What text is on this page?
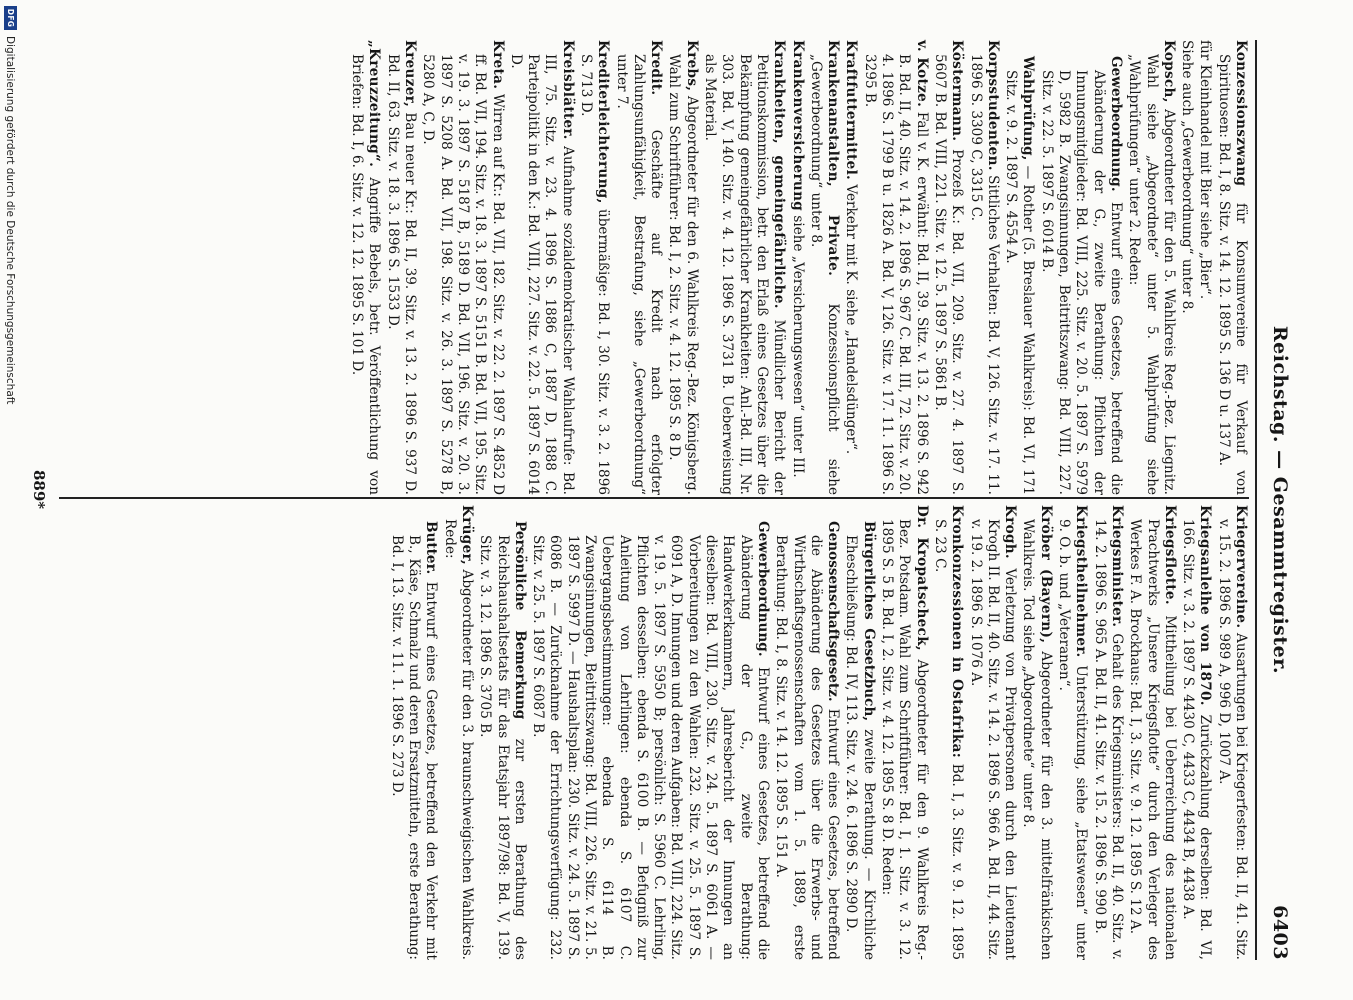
Reichstag. — Gesammtregister.
6403
Konzessionszwang für Konsumvereine für Verkauf von Spirituosen: Bd. I, 8. Sitz. v. 14. 12. 1895 S. 136 D u. 137 A.
für Kleinhandel mit Bier siehe „Bier“.
Siehe auch „Gewerbeordnung“ unter 8.
Kopsch, Abgeordneter für den 5. Wahlkreis Reg.-Bez. Liegnitz. Wahl siehe „Abgeordnete“ unter 5. Wahlprüfung siehe „Wahlprüfungen“ unter 2. Reden:
Gewerbeordnung. Entwurf eines Gesetzes, betreffend die Abänderung der G., zweite Berathung: Pflichten der Innungsmitglieder: Bd. VIII, 225. Sitz. v. 20. 5. 1897 S. 5979 D, 5982 B. Zwangsinnungen, Beitrittszwang: Bd. VIII, 227. Sitz. v. 22. 5. 1897 S. 6014 B.
Wahlprüfung, — Rother (5. Breslauer Wahlkreis): Bd. VI, 171 Sitz. v. 9. 2. 1897 S. 4554 A.
Korpsstudenten. Sittliches Verhalten: Bd. V, 126. Sitz. v. 17. 11. 1896 S. 3309 C, 3315 C.
Köstermann. Prozeß K.: Bd. VII, 209. Sitz. v. 27. 4. 1897 S. 5607 B. Bd. VIII, 221. Sitz. v. 12. 5. 1897 S. 5861 B.
v. Kotze. Fall v. K. erwähnt: Bd. II, 39. Sitz. v. 13. 2. 1896 S. 942 B. Bd. II, 40. Sitz. v. 14. 2. 1896 S. 967 C. Bd. III, 72. Sitz. v. 20. 4. 1896 S. 1799 B u. 1826 A. Bd. V, 126. Sitz. v. 17. 11. 1896 S. 3295 B.
Kraftfuttermittel. Verkehr mit K. siehe „Handelsdünger“.
Krankenanstalten, Private. Konzessionspflicht siehe „Gewerbeordnung“ unter 8.
Krankenversicherung siehe „Versicherungswesen“ unter III.
Krankheiten, gemeingefährliche. Mündlicher Bericht der Petitionskommission, betr. den Erlaß eines Gesetzes über die Bekämpfung gemeingefährlicher Krankheiten: Anl.-Bd. III, Nr. 303. Bd. V, 140. Sitz. v. 4. 12. 1896 S. 3731 B. Ueberweisung als Material.
Krebs, Abgeordneter für den 6. Wahlkreis Reg.-Bez. Königsberg. Wahl zum Schriftführer: Bd. I, 2. Sitz. v. 4. 12. 1895 S. 8 D.
Kredit. Geschäfte auf Kredit nach erfolgter Zahlungsunfähigkeit, Bestrafung, siehe „Gewerbeordnung“ unter 7.
Krediterleichterung, übermäßige: Bd. I, 30. Sitz. v. 3. 2. 1896 S. 713 D.
Kreisblätter. Aufnahme sozialdemokratischer Wahlaufrufe: Bd. III, 75. Sitz. v. 23. 4. 1896 S. 1886 C, 1887 D, 1888 C. Parteipolitik in den K.: Bd. VIII, 227. Sitz. v. 22. 5. 1897 S. 6014 D.
Kreta. Wirren auf Kr.: Bd. VII, 182. Sitz. v. 22. 2. 1897 S. 4852 D ff. Bd. VII, 194. Sitz. v. 18. 3. 1897 S. 5151 B. Bd. VII, 195. Sitz. v. 19. 3. 1897 S. 5187 B, 5189 D. Bd. VII, 196. Sitz. v. 20. 3. 1897 S. 5208 A. Bd. VII, 198. Sitz. v. 26. 3. 1897 S. 5278 B, 5280 A, C, D.
Kreuzer, Bau neuer Kr.: Bd. II, 39. Sitz. v. 13. 2. 1896 S. 937 D. Bd. II, 63. Sitz. v. 18. 3. 1896 S. 1533 D.
„Kreuzzeitung“. Angriffe Bebels, betr. Veröffentlichung von Briefen: Bd. I, 6. Sitz. v. 12. 12. 1895 S. 101 D.
Kriegervereine. Ausartungen bei Kriegerfesten: Bd. II, 41. Sitz. v. 15. 2. 1896 S. 989 A, 996 D, 1007 A.
Kriegsanleihe von 1870. Zurückzahlung derselben: Bd. VI, 166. Sitz. v. 3. 2. 1897 S. 4430 C, 4433 C, 4434 B, 4438 A.
Kriegsflotte. Mittheilung bei Ueberreichung des nationalen Prachtwerks „Unsere Kriegsflotte“ durch den Verleger des Werkes F. A. Brockhaus: Bd. I, 3. Sitz. v. 9. 12. 1895 S. 12 A.
Kriegsminister. Gehalt des Kriegsministers: Bd. II, 40. Sitz. v. 14. 2. 1896 S. 965 A. Bd. II, 41. Sitz. v. 15. 2. 1896 S. 990 B.
Kriegstheilnehmer. Unterstützung, siehe „Etatswesen“ unter 9. O. b. und „Veteranen“.
Kröber (Bayern), Abgeordneter für den 3. mittelfränkischen Wahlkreis. Tod siehe „Abgeordnete“ unter 8.
Krogh. Verletzung von Privatpersonen durch den Lieutenant Krogh II. Bd. II, 40. Sitz. v. 14. 2. 1896 S. 966 A. Bd. II, 44. Sitz. v. 19. 2. 1896 S. 1076 A.
Kronkonzessionen in Ostafrika: Bd. I, 3. Sitz. v. 9. 12. 1895 S. 23 C.
Dr. Kropatscheck, Abgeordneter für den 9. Wahlkreis Reg.-Bez. Potsdam. Wahl zum Schriftführer: Bd. I, 1. Sitz. v. 3. 12. 1895 S. 5 B. Bd. I, 2. Sitz. v. 4. 12. 1895 S. 8 D. Reden:
Bürgerliches Gesetzbuch, zweite Berathung. — Kirchliche Eheschließung: Bd. IV, 113. Sitz. v. 24. 6. 1896 S. 2890 D.
Genossenschaftsgesetz. Entwurf eines Gesetzes, betreffend die Abänderung des Gesetzes über die Erwerbs- und Wirthschaftsgenossenschaften vom 1. 5. 1889, erste Berathung: Bd. I, 8. Sitz. v. 14. 12. 1895 S. 151 A.
Gewerbeordnung. Entwurf eines Gesetzes, betreffend die Abänderung der G., zweite Berathung: Handwerkerkammern, Jahresbericht der Innungen an dieselben: Bd. VIII, 230. Sitz. v. 24. 5. 1897 S. 6061 A. — Vorbereitungen zu den Wahlen: 232. Sitz. v. 25. 5. 1897 S. 6091 A, D. Innungen und deren Aufgaben: Bd. VIII, 224. Sitz. v. 19. 5. 1897 S. 5950 B; persönlich: S. 5960 C. Lehrling, Pflichten desselben: ebenda S. 6100 B. — Befugniß zur Anleitung von Lehrlingen: ebenda S. 6107 C. Uebergangsbestimmungen: ebenda S. 6114 B. Zwangsinnungen, Beitrittszwang: Bd. VIII, 226. Sitz. v. 21. 5. 1897 S. 5997 D. — Haushaltsplan: 230. Sitz. v. 24. 5. 1897 S. 6086 B. — Zurücknahme der Errichtungsverfügung: 232. Sitz. v. 25. 5. 1897 S. 6087 B.
Persönliche Bemerkung zur ersten Berathung des Reichshaushaltsetats für das Etatsjahr 1897/98: Bd. V, 139. Sitz. v. 3. 12. 1896 S. 3705 B.
Krüger, Abgeordneter für den 3. braunschweigischen Wahlkreis. Rede:
Butter. Entwurf eines Gesetzes, betreffend den Verkehr mit B., Käse, Schmalz und deren Ersatzmitteln, erste Berathung: Bd. I, 13. Sitz. v. 11. 1. 1896 S. 273 D.
889*
DFG
Digitalisierung gefördert durch die Deutsche Forschungsgemeinschaft
